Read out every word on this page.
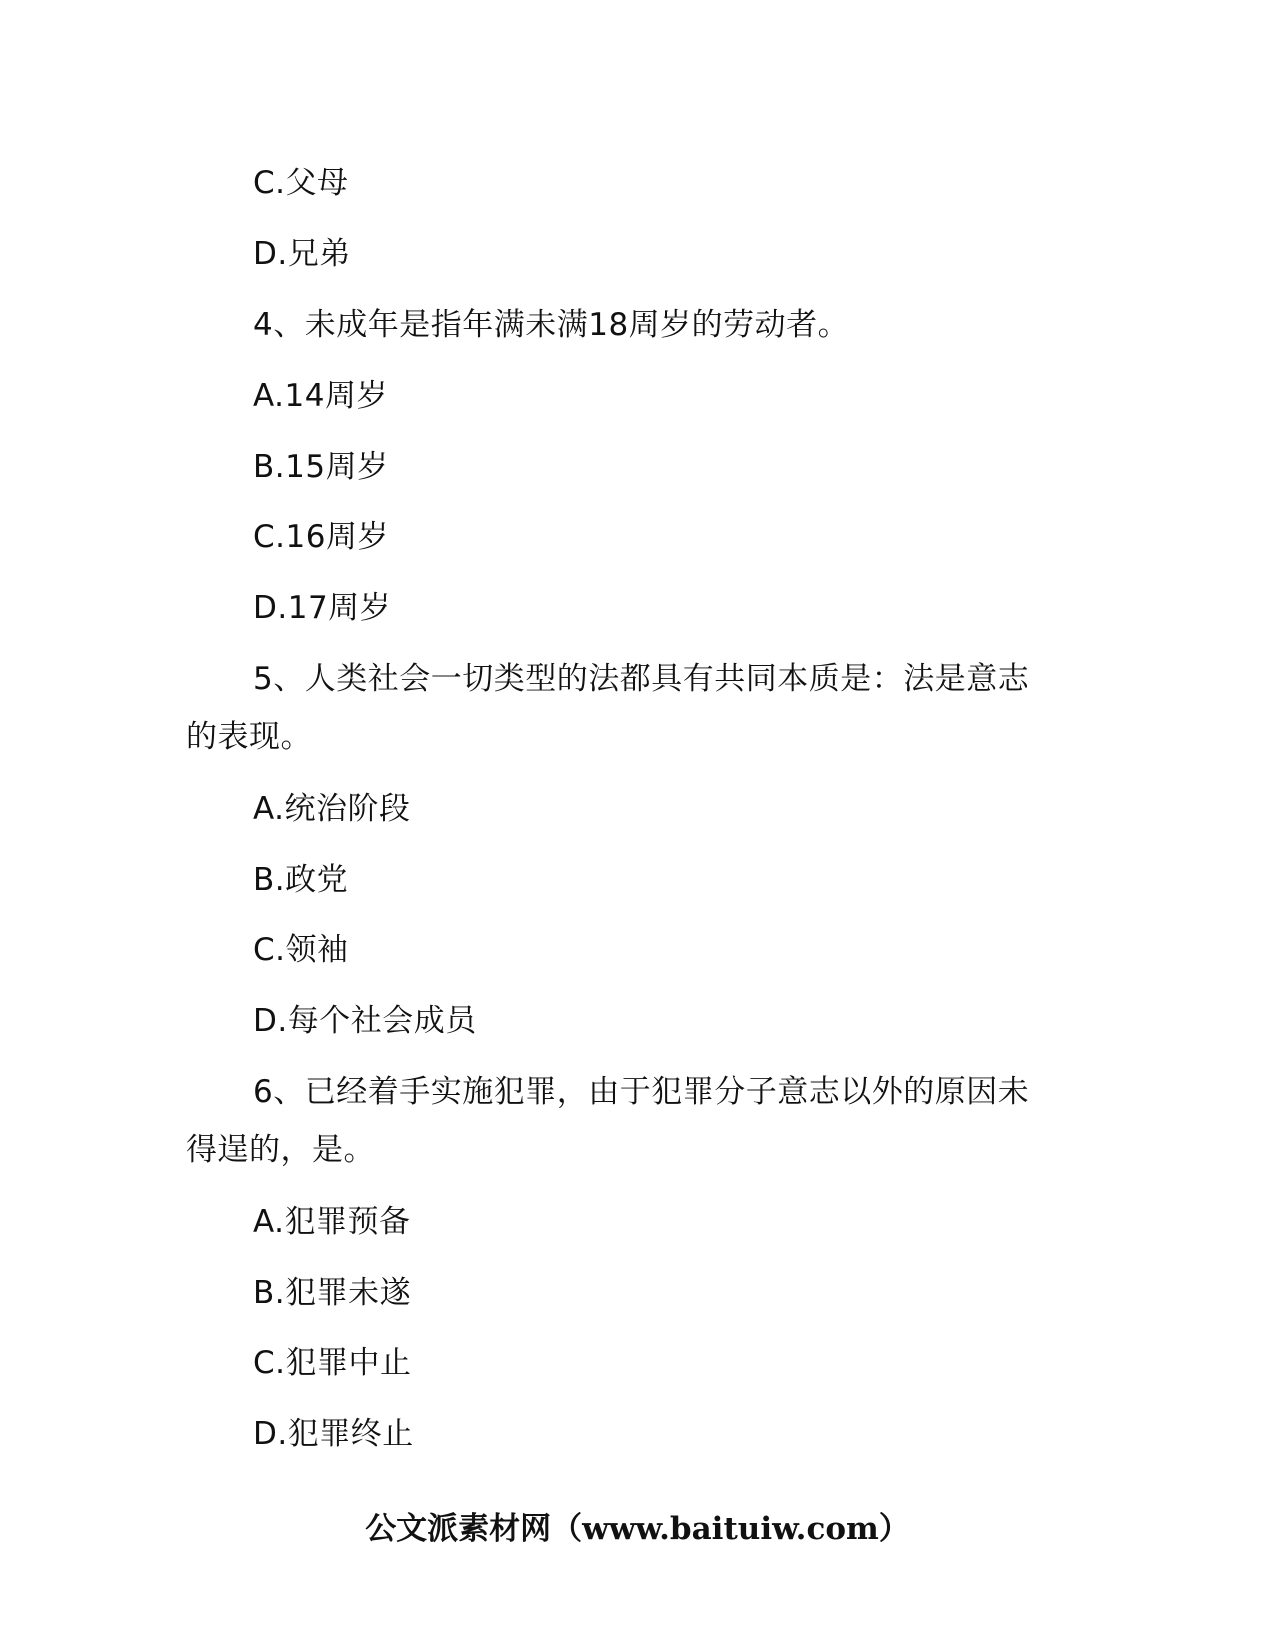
C.父母
D.兄弟
4、未成年是指年满未满18周岁的劳动者。
A.14周岁
B.15周岁
C.16周岁
D.17周岁
5、人类社会一切类型的法都具有共同本质是：法是意志
的表现。
A.统治阶段
B.政党
C.领袖
D.每个社会成员
6、已经着手实施犯罪，由于犯罪分子意志以外的原因未
得逞的，是。
A.犯罪预备
B.犯罪未遂
C.犯罪中止
D.犯罪终止
公文派素材网（www.baituiw.com）
